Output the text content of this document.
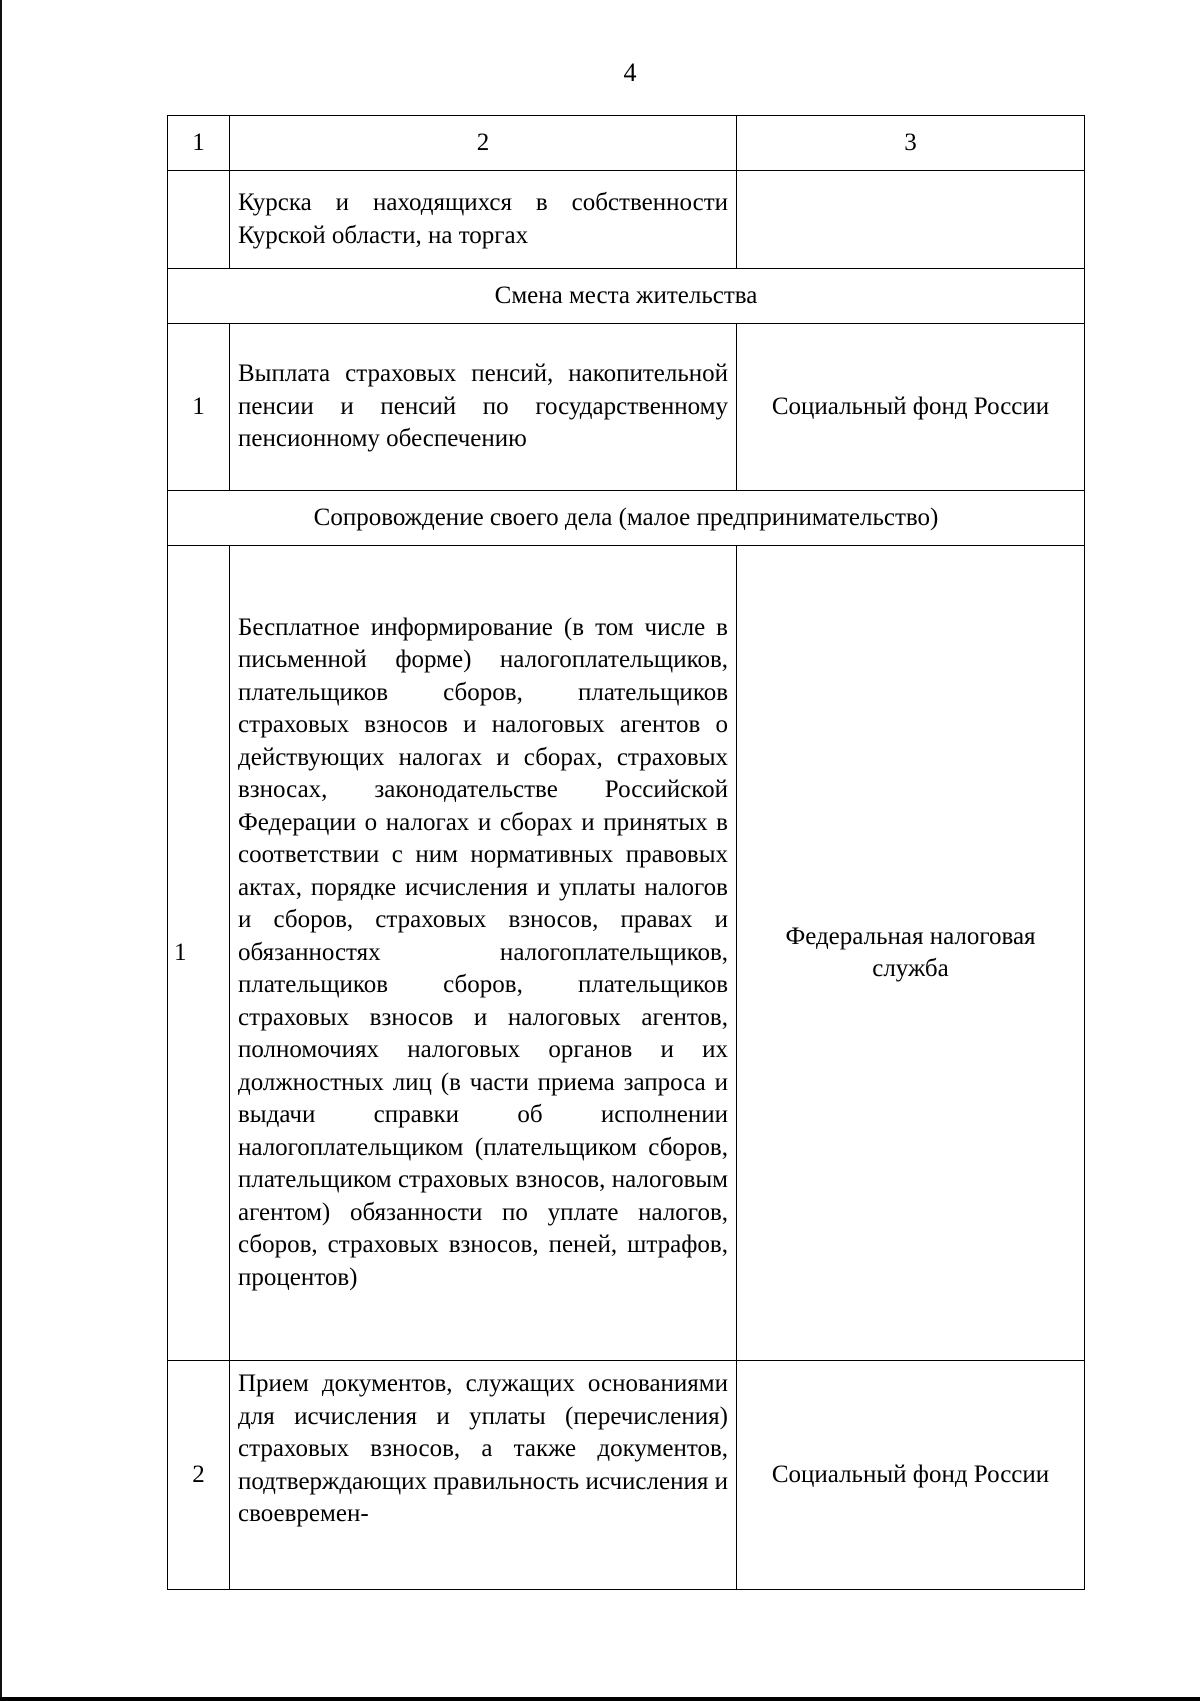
4
1	2	3
	Курска и находящихся в собственности Курской области, на торгах	
Смена места жительства		
1	Выплата страховых пенсий, накопительной пенсии и пенсий по государственному пенсионному обеспечению	Социальный фонд России
Сопровождение своего дела (малое предпринимательство)		
1	Бесплатное информирование (в том числе в письменной форме) налогоплательщиков, плательщиков сборов, плательщиков страховых взносов и налоговых агентов о действующих налогах и сборах, страховых взносах, законодательстве Российской Федерации о налогах и сборах и принятых в соответствии с ним нормативных правовых актах, порядке исчисления и уплаты налогов и сборов, страховых взносов, правах и обязанностях налогоплательщиков, плательщиков сборов, плательщиков страховых взносов и налоговых агентов, полномочиях налоговых органов и их должностных лиц (в части приема запроса и выдачи справки об исполнении налогоплательщиком (плательщиком сборов, плательщиком страховых взносов, налоговым агентом) обязанности по уплате налогов, сборов, страховых взносов, пеней, штрафов, процентов)	Федеральная налоговая служба
2	Прием документов, служащих основаниями для исчисления и уплаты (перечисления) страховых взносов, а также документов, подтверждающих правильность исчисления и своевремен-	Социальный фонд России
